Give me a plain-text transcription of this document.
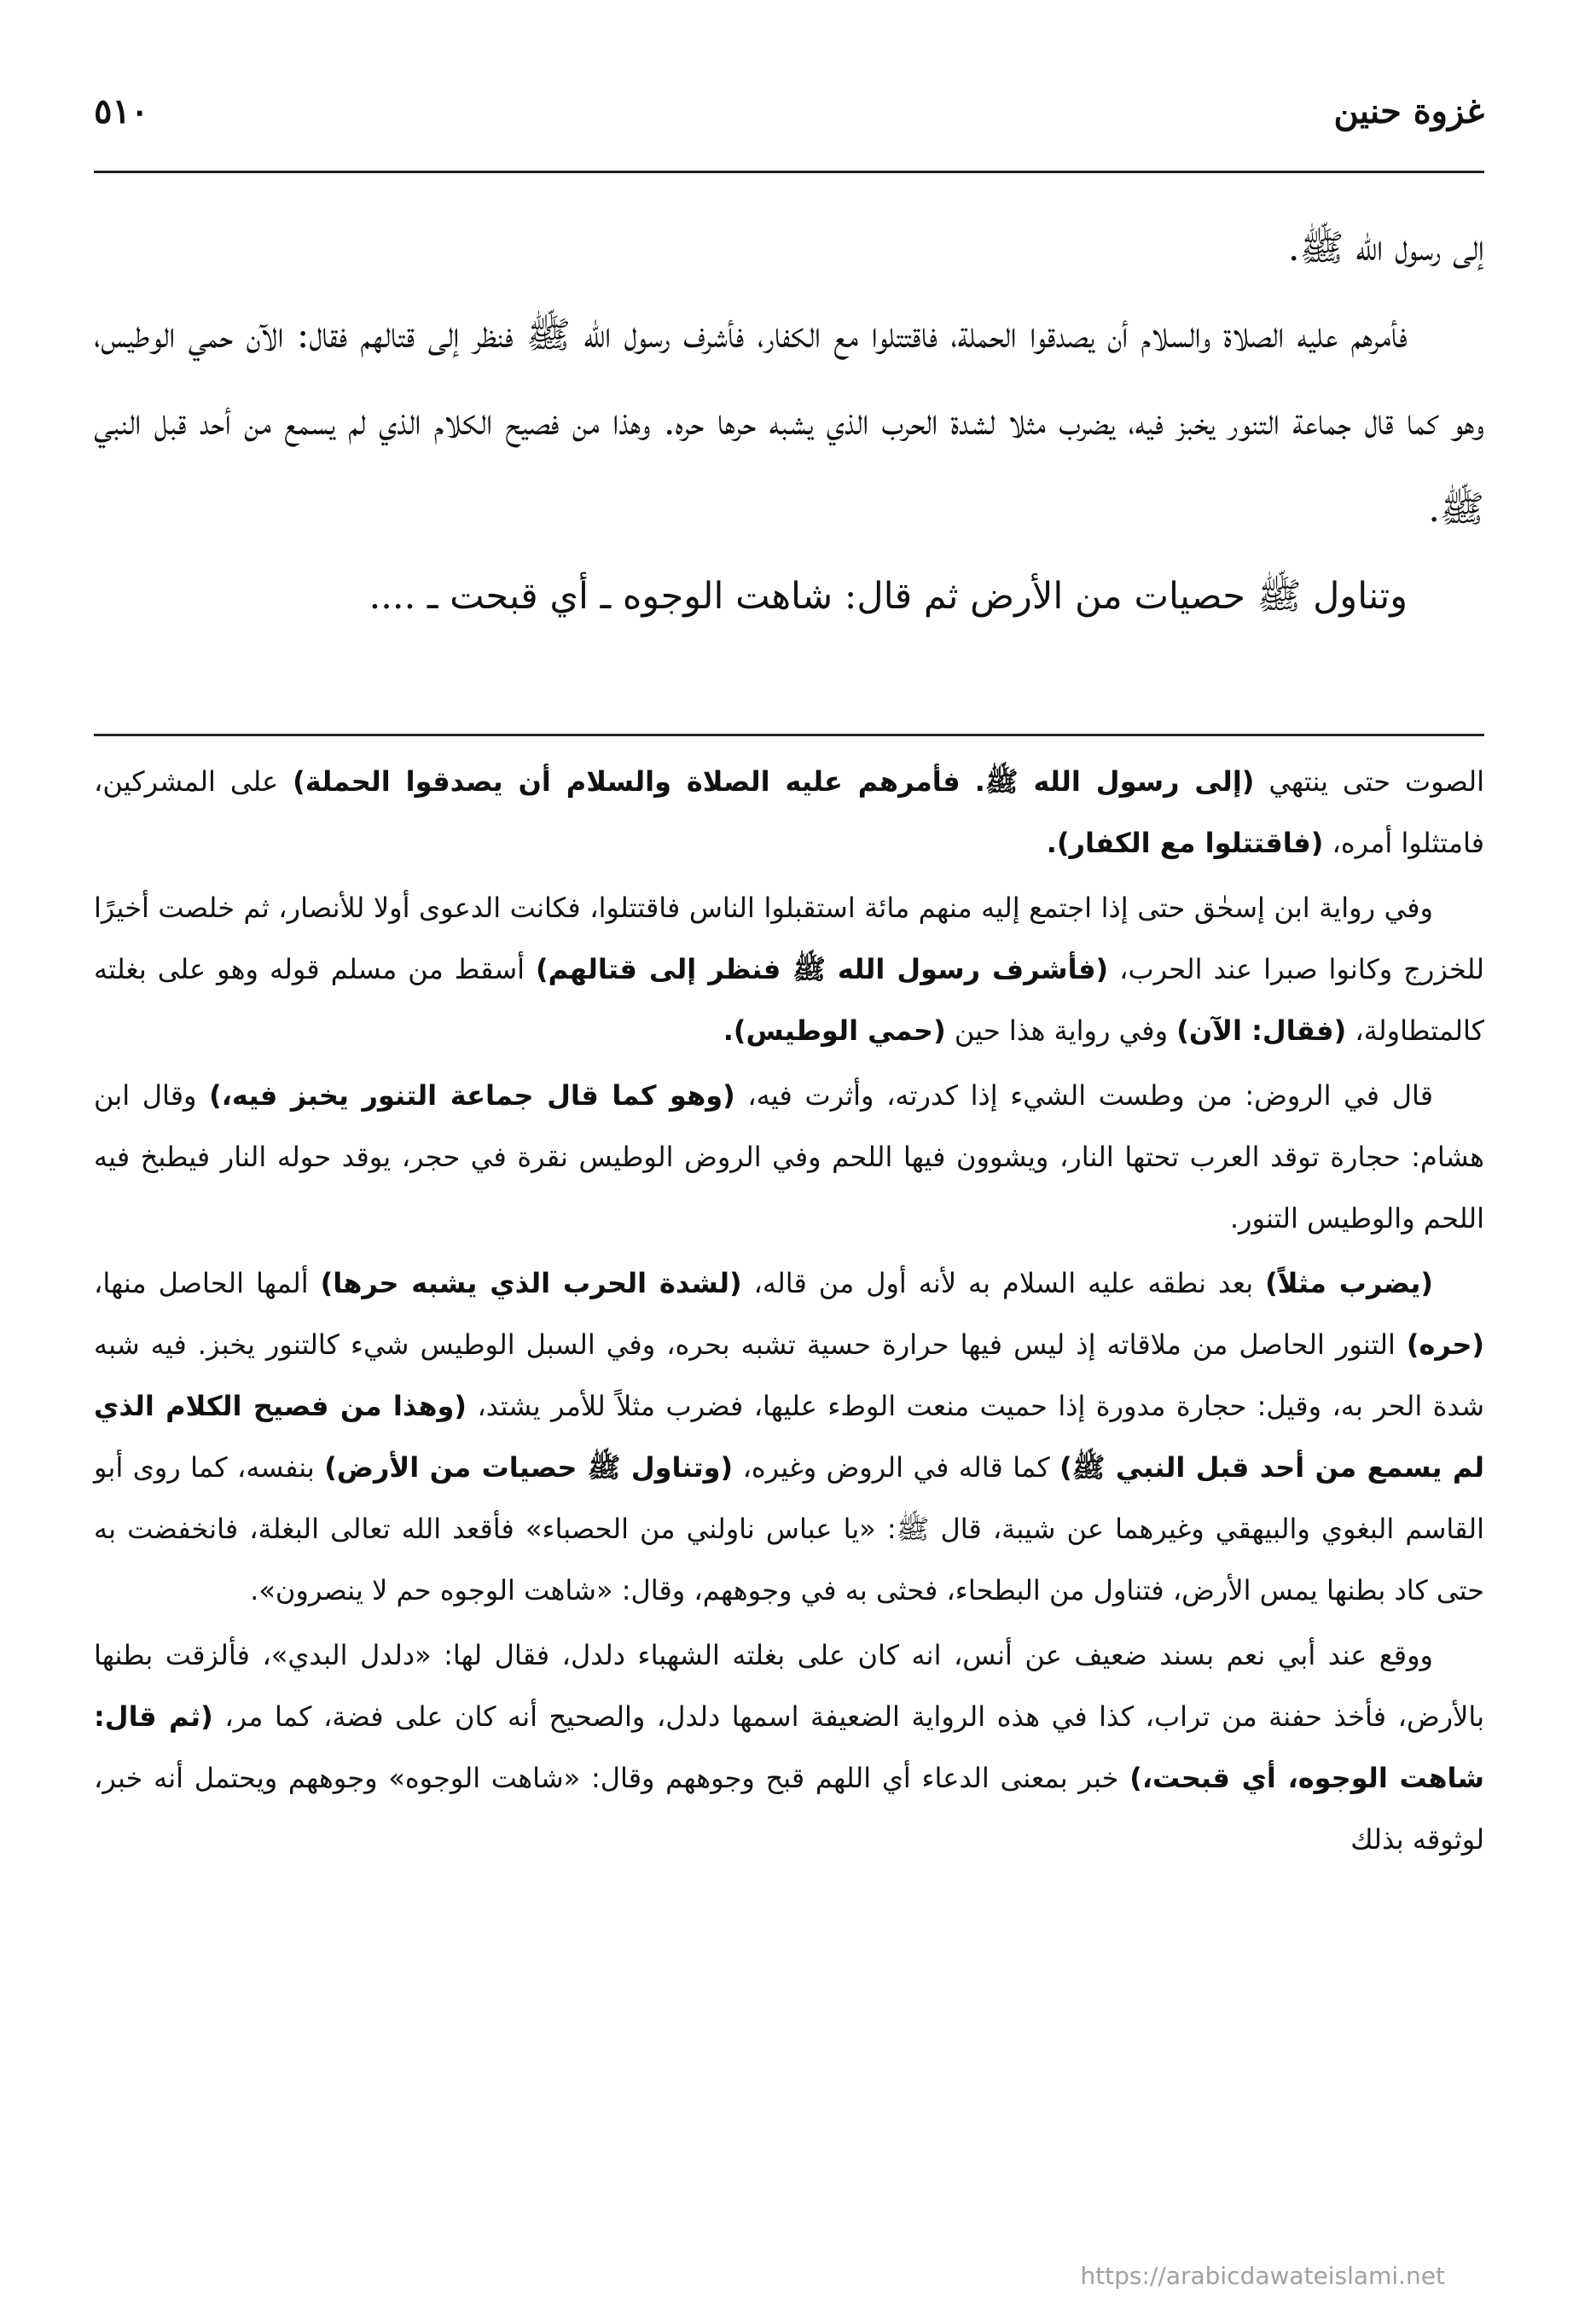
غزوة حنين
٥١٠

إلى رسول الله ﷺ.

فأمرهم عليه الصلاة والسلام أن يصدقوا الحملة، فاقتتلوا مع الكفار، فأشرف رسول الله ﷺ فنظر إلى قتالهم فقال: الآن حمي الوطيس، وهو كما قال جماعة التنور يخبز فيه، يضرب مثلا لشدة الحرب الذي يشبه حرها حره. وهذا من فصيح الكلام الذي لم يسمع من أحد قبل النبي ﷺ.

وتناول ﷺ حصيات من الأرض ثم قال: شاهت الوجوه ـ أي قبحت ـ ....

الصوت حتى ينتهي (إلى رسول الله ﷺ. فأمرهم عليه الصلاة والسلام أن يصدقوا الحملة) على المشركين، فامتثلوا أمره، (فاقتتلوا مع الكفار).

وفي رواية ابن إسحٰق حتى إذا اجتمع إليه منهم مائة استقبلوا الناس فاقتتلوا، فكانت الدعوى أولا للأنصار، ثم خلصت أخيرًا للخزرج وكانوا صبرا عند الحرب، (فأشرف رسول الله ﷺ فنظر إلى قتالهم) أسقط من مسلم قوله وهو على بغلته كالمتطاولة، (فقال: الآن) وفي رواية هذا حين (حمي الوطيس).

قال في الروض: من وطست الشيء إذا كدرته، وأثرت فيه، (وهو كما قال جماعة التنور يخبز فيه،) وقال ابن هشام: حجارة توقد العرب تحتها النار، ويشوون فيها اللحم وفي الروض الوطيس نقرة في حجر، يوقد حوله النار فيطبخ فيه اللحم والوطيس التنور.

(يضرب مثلاً) بعد نطقه عليه السلام به لأنه أول من قاله، (لشدة الحرب الذي يشبه حرها) ألمها الحاصل منها، (حره) التنور الحاصل من ملاقاته إذ ليس فيها حرارة حسية تشبه بحره، وفي السبل الوطيس شيء كالتنور يخبز. فيه شبه شدة الحر به، وقيل: حجارة مدورة إذا حميت منعت الوطء عليها، فضرب مثلاً للأمر يشتد، (وهذا من فصيح الكلام الذي لم يسمع من أحد قبل النبي ﷺ) كما قاله في الروض وغيره، (وتناول ﷺ حصيات من الأرض) بنفسه، كما روى أبو القاسم البغوي والبيهقي وغيرهما عن شيبة، قال ﷺ: «يا عباس ناولني من الحصباء» فأقعد الله تعالى البغلة، فانخفضت به حتى كاد بطنها يمس الأرض، فتناول من البطحاء، فحثى به في وجوههم، وقال: «شاهت الوجوه حم لا ينصرون».

ووقع عند أبي نعم بسند ضعيف عن أنس، انه كان على بغلته الشهباء دلدل، فقال لها: «دلدل البدي»، فألزقت بطنها بالأرض، فأخذ حفنة من تراب، كذا في هذه الرواية الضعيفة اسمها دلدل، والصحيح أنه كان على فضة، كما مر، (ثم قال: شاهت الوجوه، أي قبحت،) خبر بمعنى الدعاء أي اللهم قبح وجوههم وقال: «شاهت الوجوه» وجوههم ويحتمل أنه خبر، لوثوقه بذلك

https://arabicdawateislami.net
